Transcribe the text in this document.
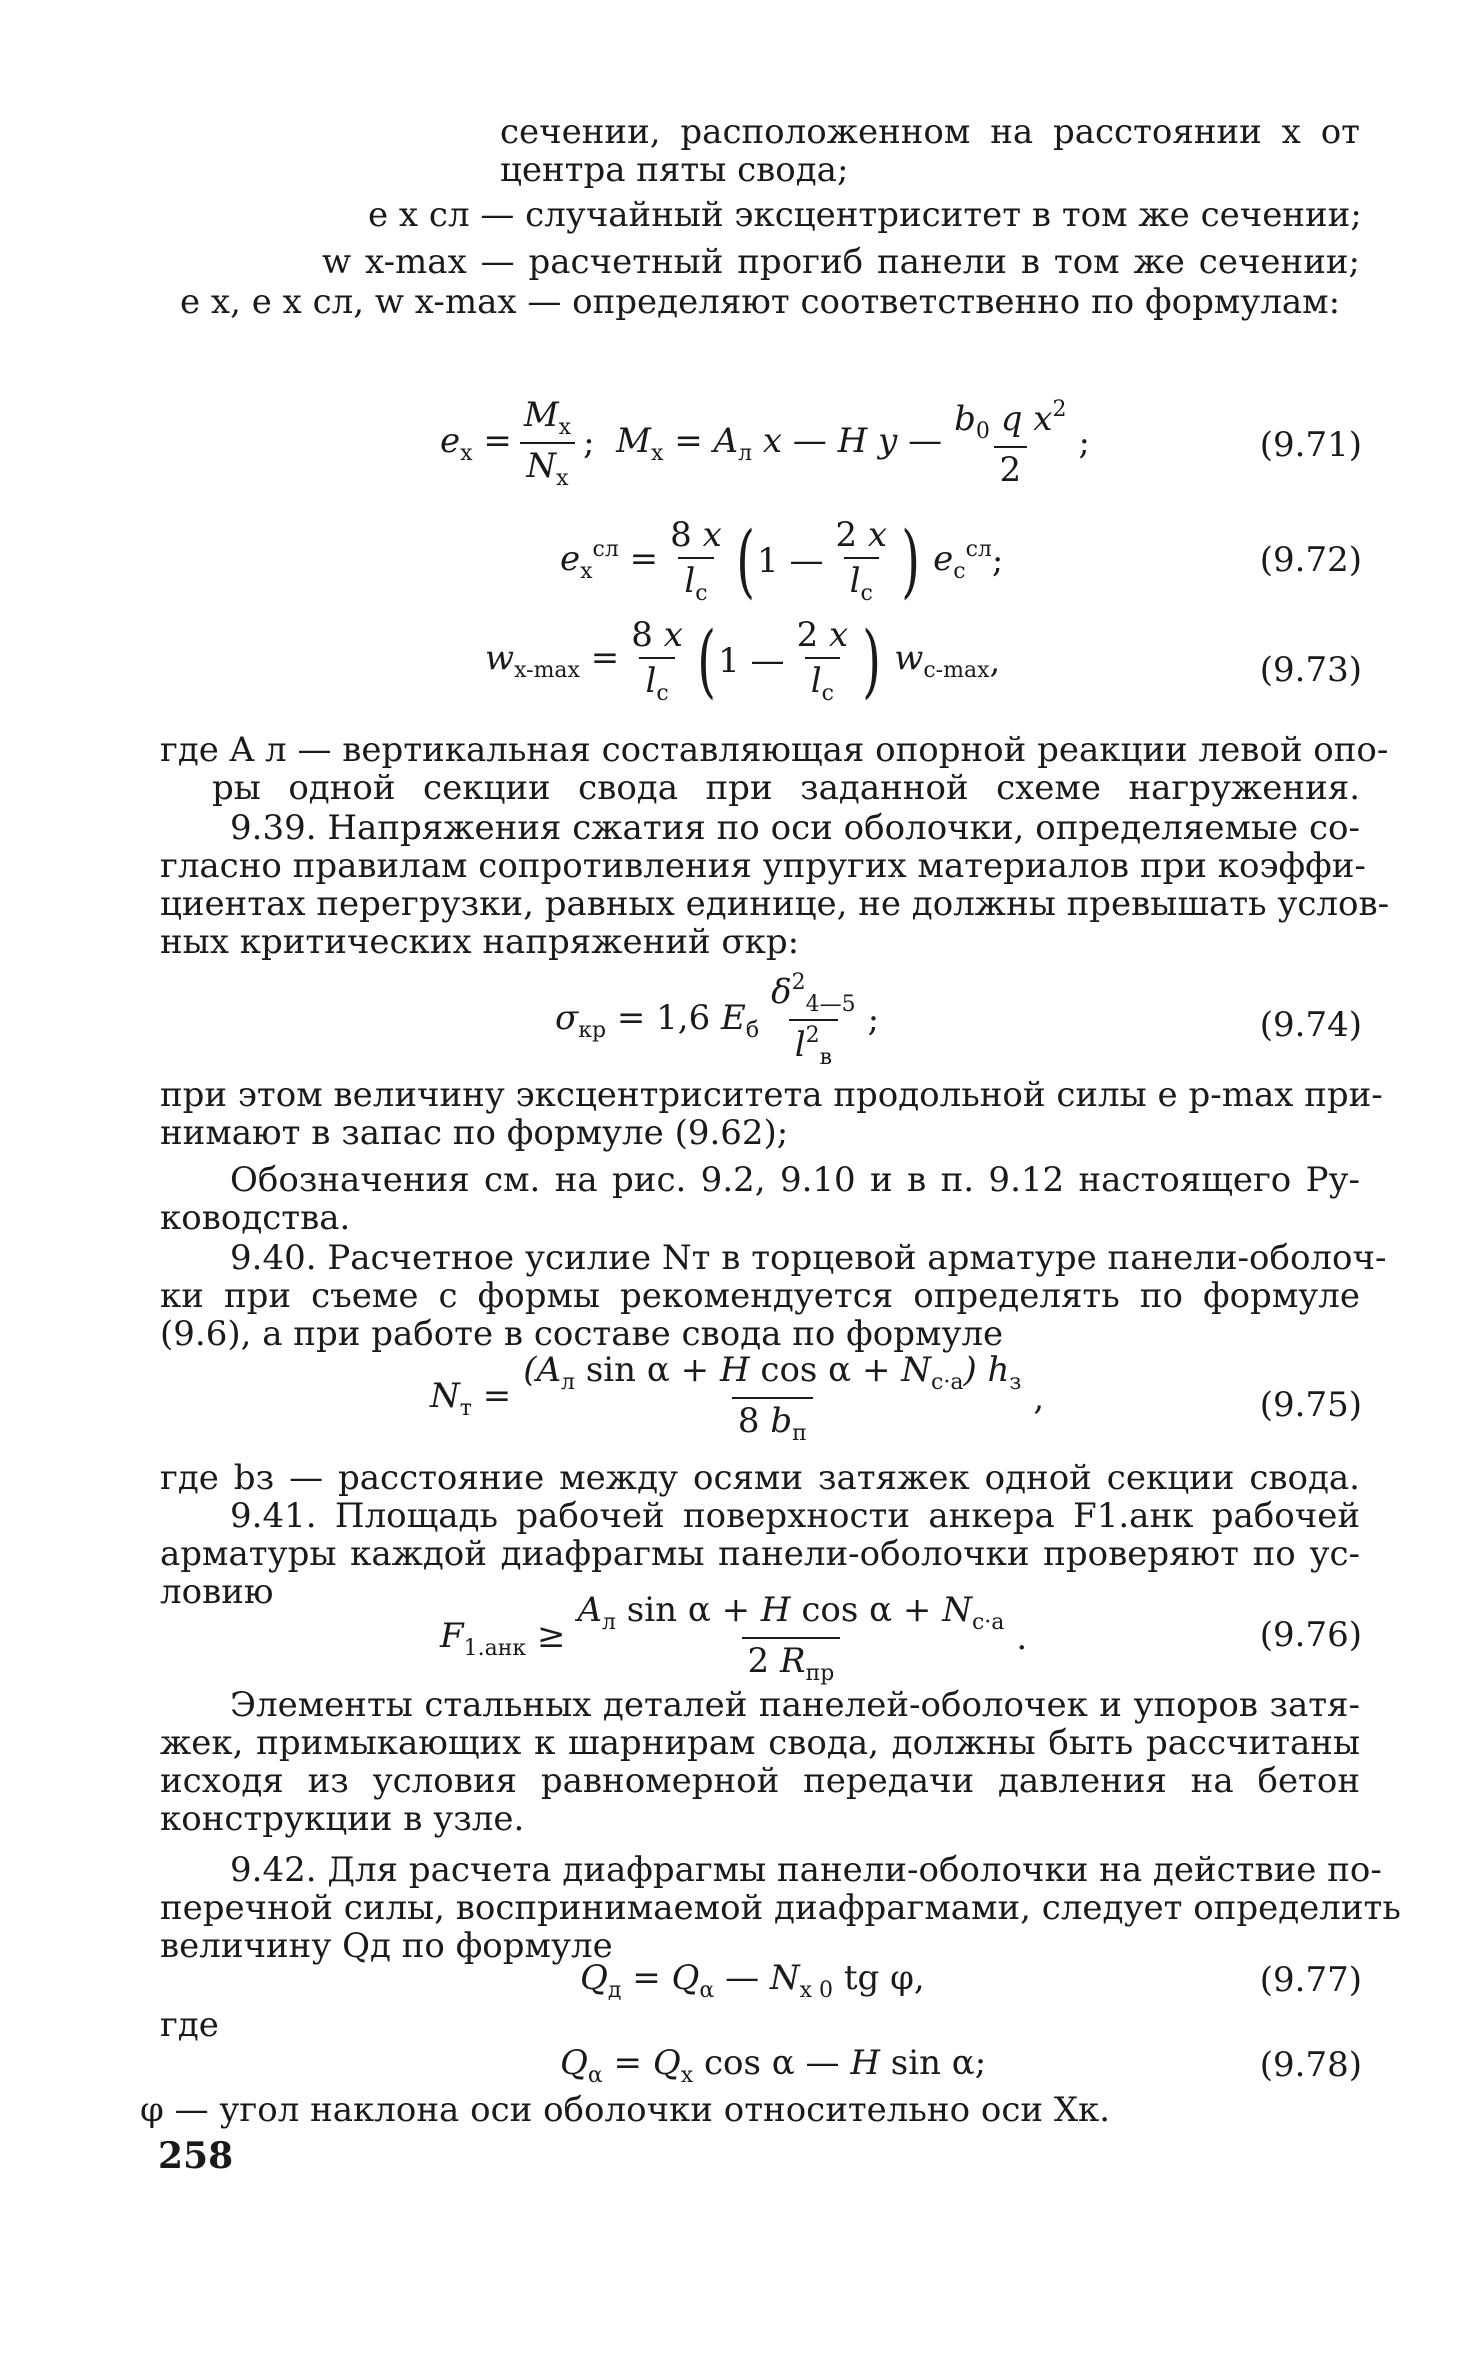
сечении, расположенном на расстоянии x от
центра пяты свода;
e x сл — случайный эксцентриситет в том же сечении;
w x-max — расчетный прогиб панели в том же сечении;
e x, e x сл, w x-max — определяют соответственно по формулам:
$e_x = \frac{M_x}{N_x}$ ; $M_x = A_л$ x — H y — $\frac{b_0 q x^2}{2}$ ;	(9.71)
$e_x^{сл} = \frac{8 x}{l_с}$ ( 1 — $\frac{2 x}{l_с}$ ) $e_с^{сл}$ ;	(9.72)
$w_{x-max} = \frac{8 x}{l_с}$ ( 1 — $\frac{2 x}{l_с}$ ) $w_{с-max}$ ,	(9.73)
где A л — вертикальная составляющая опорной реакции левой опо-
ры одной секции свода при заданной схеме нагружения.
9.39. Напряжения сжатия по оси оболочки, определяемые со-
гласно правилам сопротивления упругих материалов при коэффи-
циентах перегрузки, равных единице, не должны превышать услов-
ных критических напряжений σкр:
$\sigma_{кр} = 1,6$ $E_б \frac{\delta^2_{4—5}}{l^2_в}$ ;	(9.74)
при этом величину эксцентриситета продольной силы e p-max при-
нимают в запас по формуле (9.62);
Обозначения см. на рис. 9.2, 9.10 и в п. 9.12 настоящего Ру-
ководства.
9.40. Расчетное усилие Nт в торцевой арматуре панели-оболоч-
ки при съеме с формы рекомендуется определять по формуле
(9.6), а при работе в составе свода по формуле
$N_т = \frac{(A_л \sin \alpha + H \cos \alpha + N_{с\cdot а}) h_з}{8 b_п}$ ,	(9.75)
где bз — расстояние между осями затяжек одной секции свода.
9.41. Площадь рабочей поверхности анкера F1.анк рабочей
арматуры каждой диафрагмы панели-оболочки проверяют по ус-
ловию
$F_{1.анк} \ge \frac{A_л \sin \alpha + H \cos \alpha + N_{с\cdot а}}{2 R_{пр}}$ .	(9.76)
Элементы стальных деталей панелей-оболочек и упоров затя-
жек, примыкающих к шарнирам свода, должны быть рассчитаны
исходя из условия равномерной передачи давления на бетон
конструкции в узле.
9.42. Для расчета диафрагмы панели-оболочки на действие по-
перечной силы, воспринимаемой диафрагмами, следует определить
величину Qд по формуле
$Q_д = Q_\alpha$ — $N_{x 0}$ tg φ,	(9.77)
где
$Q_\alpha = Q_x$ cos α — H sin α;	(9.78)
φ — угол наклона оси оболочки относительно оси Xк.
258
